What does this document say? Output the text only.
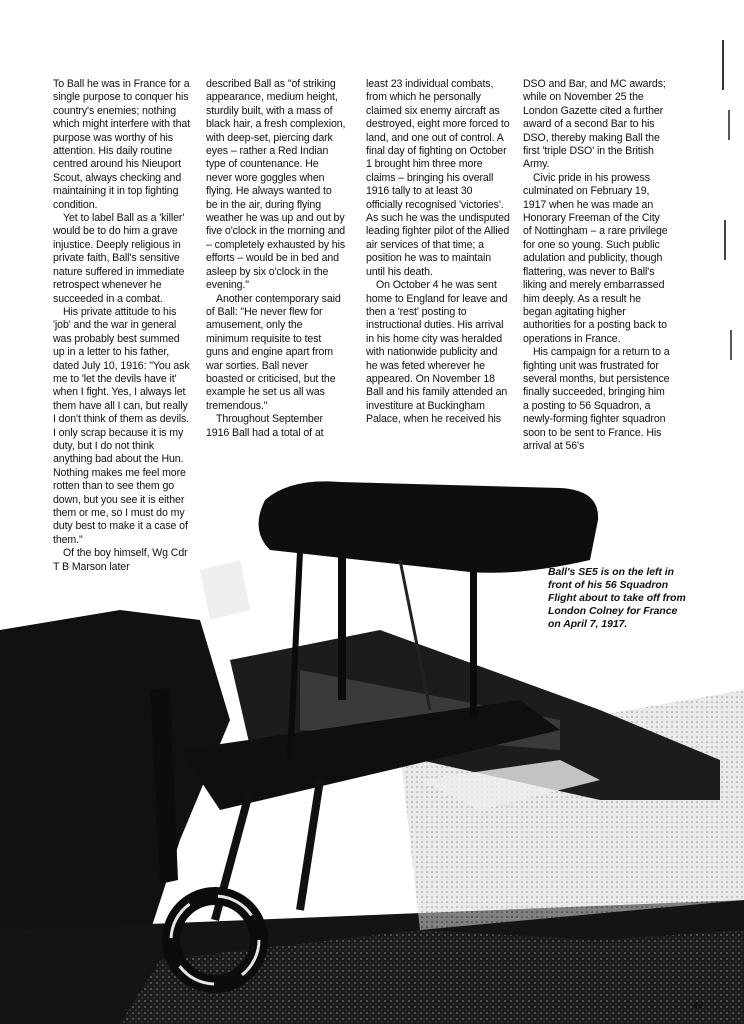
To Ball he was in France for a single purpose to conquer his country's enemies; nothing which might interfere with that purpose was worthy of his attention. His daily routine centred around his Nieuport Scout, always checking and maintaining it in top fighting condition.

Yet to label Ball as a 'killer' would be to do him a grave injustice. Deeply religious in private faith, Ball's sensitive nature suffered in immediate retrospect whenever he succeeded in a combat.

His private attitude to his 'job' and the war in general was probably best summed up in a letter to his father, dated July 10, 1916: "You ask me to 'let the devils have it' when I fight. Yes, I always let them have all I can, but really I don't think of them as devils. I only scrap because it is my duty, but I do not think anything bad about the Hun. Nothing makes me feel more rotten than to see them go down, but you see it is either them or me, so I must do my duty best to make it a case of them."

Of the boy himself, Wg Cdr T B Marson later

described Ball as "of striking appearance, medium height, sturdily built, with a mass of black hair, a fresh complexion, with deep-set, piercing dark eyes – rather a Red Indian type of countenance. He never wore goggles when flying. He always wanted to be in the air, during flying weather he was up and out by five o'clock in the morning and – completely exhausted by his efforts – would be in bed and asleep by six o'clock in the evening."

Another contemporary said of Ball: "He never flew for amusement, only the minimum requisite to test guns and engine apart from war sorties. Ball never boasted or criticised, but the example he set us all was tremendous."

Throughout September 1916 Ball had a total of at

least 23 individual combats, from which he personally claimed six enemy aircraft as destroyed, eight more forced to land, and one out of control. A final day of fighting on October 1 brought him three more claims – bringing his overall 1916 tally to at least 30 officially recognised 'victories'. As such he was the undisputed leading fighter pilot of the Allied air services of that time; a position he was to maintain until his death.

On October 4 he was sent home to England for leave and then a 'rest' posting to instructional duties. His arrival in his home city was heralded with nationwide publicity and he was feted wherever he appeared. On November 18 Ball and his family attended an investiture at Buckingham Palace, when he received his

DSO and Bar, and MC awards; while on November 25 the London Gazette cited a further award of a second Bar to his DSO, thereby making Ball the first 'triple DSO' in the British Army.

Civic pride in his prowess culminated on February 19, 1917 when he was made an Honorary Freeman of the City of Nottingham – a rare privilege for one so young. Such public adulation and publicity, though flattering, was never to Ball's liking and merely embarrassed him deeply. As a result he began agitating higher authorities for a posting back to operations in France.

His campaign for a return to a fighting unit was frustrated for several months, but persistence finally succeeded, bringing him a posting to 56 Squadron, a newly-forming fighter squadron soon to be sent to France. His arrival at 56's

Ball's SE5 is on the left in front of his 56 Squadron Flight about to take off from London Colney for France on April 7, 1917.
43
